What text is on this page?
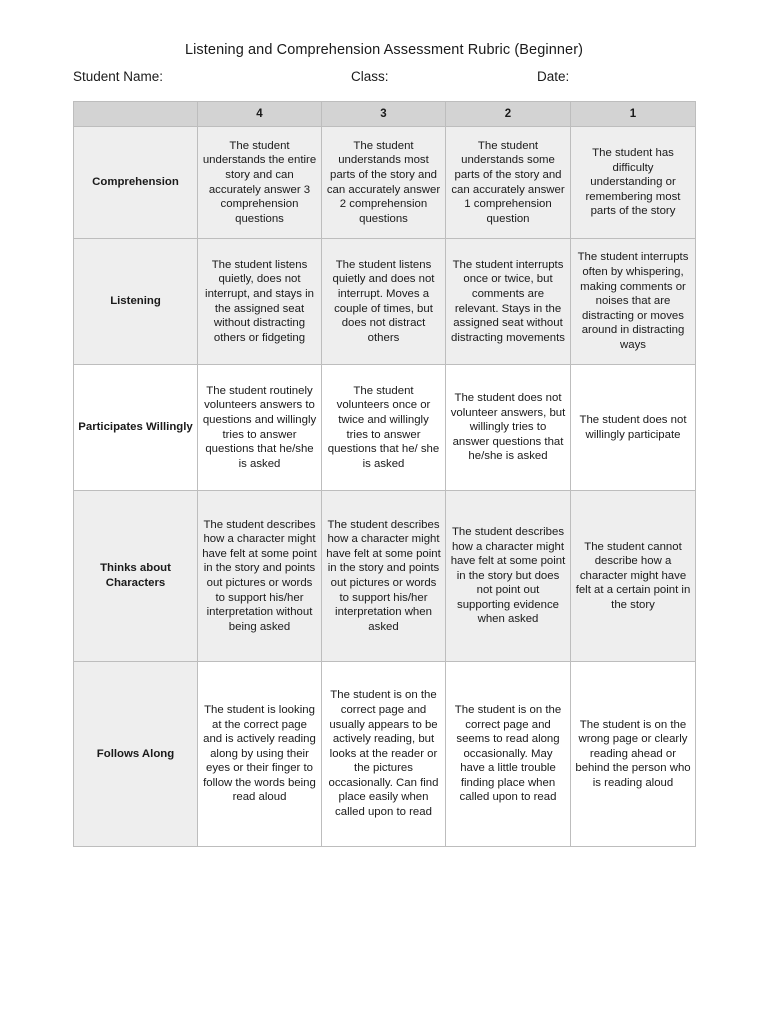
Listening and Comprehension Assessment Rubric (Beginner)
Student Name:	Class:	Date:
	4	3	2	1
Comprehension	The student understands the entire story and can accurately answer 3 comprehension questions	The student understands most parts of the story and can accurately answer 2 comprehension questions	The student understands some parts of the story and can accurately answer 1 comprehension question	The student has difficulty understanding or remembering most parts of the story
Listening	The student listens quietly, does not interrupt, and stays in the assigned seat without distracting others or fidgeting	The student listens quietly and does not interrupt. Moves a couple of times, but does not distract others	The student interrupts once or twice, but comments are relevant. Stays in the assigned seat without distracting movements	The student interrupts often by whispering, making comments or noises that are distracting or moves around in distracting ways
Participates Willingly	The student routinely volunteers answers to questions and willingly tries to answer questions that he/she is asked	The student volunteers once or twice and willingly tries to answer questions that he/ she is asked	The student does not volunteer answers, but willingly tries to answer questions that he/she is asked	The student does not willingly participate
Thinks about Characters	The student describes how a character might have felt at some point in the story and points out pictures or words to support his/her interpretation without being asked	The student describes how a character might have felt at some point in the story and points out pictures or words to support his/her interpretation when asked	The student describes how a character might have felt at some point in the story but does not point out supporting evidence when asked	The student cannot describe how a character might have felt at a certain point in the story
Follows Along	The student is looking at the correct page and is actively reading along by using their eyes or their finger to follow the words being read aloud	The student is on the correct page and usually appears to be actively reading, but looks at the reader or the pictures occasionally. Can find place easily when called upon to read	The student is on the correct page and seems to read along occasionally. May have a little trouble finding place when called upon to read	The student is on the wrong page or clearly reading ahead or behind the person who is reading aloud
